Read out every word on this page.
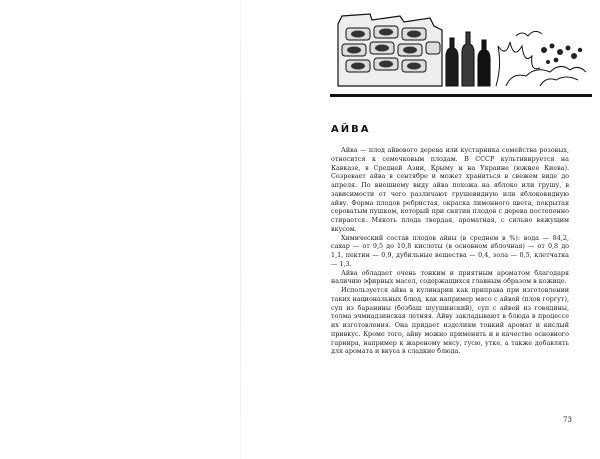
АЙВА

Айва — плод айвового дерева или кустарника семейства розовых, относится к семечковым плодам. В СССР культивируется на Кавказе, в Средней Азии, Крыму и на Украине (южнее Киева). Созревает айва в сентябре и может храниться в свежем виде до апреля. По внешнему виду айва похожа на яблоко или грушу, в зависимости от чего различают грушевидную или яблоковидную айву. Форма плодов ребристая, окраска лимонного цвета, покрытая сероватым пушком, который при снятии плодов с дерева постепенно стирается. Мякоть плода твердая, ароматная, с сильно вяжущим вкусом.

Химический состав плодов айвы (в среднем в %): вода — 84,2, сахар — от 9,5 до 10,8 кислоты (в основном яблочная) — от 0,8 до 1,1, пектин — 0,9, дубильные вещества — 0,4, зола — 0,5, клетчатка — 1,3.

Айва обладает очень тонким и приятным ароматом благодаря наличию эфирных масел, содержащихся главным образом в кожице.

Используется айва в кулинарии как приправа при изготовлении таких национальных блюд, как например мясо с айвой (плов горгут), суп из баранины (бозбаш шуушинский), суп с айвой из говядины, толма эчмиадзинская летняя. Айву закладывают в блюда в процессе их изготовления. Она придает изделиям тонкий аромат и кислый привкус. Кроме того, айву можно применять и в качестве основного гарнира, например к жареному мясу, гусю, утке, а также добавлять для аромата и вкуса в сладкие блюда.

73
